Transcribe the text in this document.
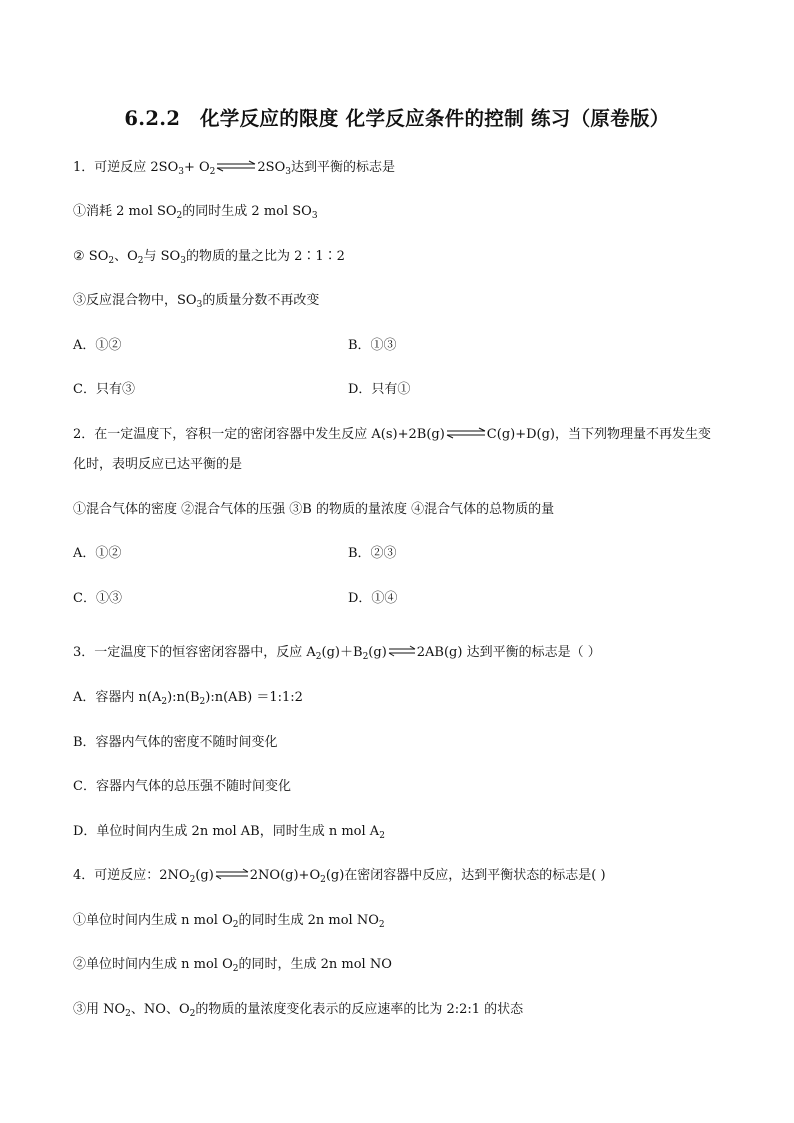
6.2.2　化学反应的限度 化学反应条件的控制 练习（原卷版）
1．可逆反应 $2SO_3+$ $O_2\rightleftharpoons 2SO_3$达到平衡的标志是
①消耗 2 mol $SO_2$的同时生成 2 mol $SO_3$
② $SO_2$、$O_2$与 $SO_3$的物质的量之比为 2∶1∶2
③反应混合物中，$SO_3$的质量分数不再改变
A．①②	B．①③
C．只有③	D．只有①
2．在一定温度下，容积一定的密闭容器中发生反应 A(s)+2B(g)⇌C(g)+D(g)，当下列物理量不再发生变
化时，表明反应已达平衡的是
①混合气体的密度 ②混合气体的压强 ③B 的物质的量浓度 ④混合气体的总物质的量
A．①②	B．②③
C．①③	D．①④
3．一定温度下的恒容密闭容器中，反应 $A_2(g)+B_2(g)\rightleftharpoons 2AB(g)$ 达到平衡的标志是（ ）
A．容器内 $n(A_2):n(B_2):n(AB)$ ＝1:1:2
B．容器内气体的密度不随时间变化
C．容器内气体的总压强不随时间变化
D．单位时间内生成 2n mol AB，同时生成 n mol $A_2$
4．可逆反应：$2NO_2(g)\rightleftharpoons 2NO(g)+O_2(g)$在密闭容器中反应，达到平衡状态的标志是( )
①单位时间内生成 n mol $O_2$的同时生成 2n mol $NO_2$
②单位时间内生成 n mol $O_2$的同时，生成 2n mol NO
③用 $NO_2$、NO、$O_2$的物质的量浓度变化表示的反应速率的比为 2:2:1 的状态
